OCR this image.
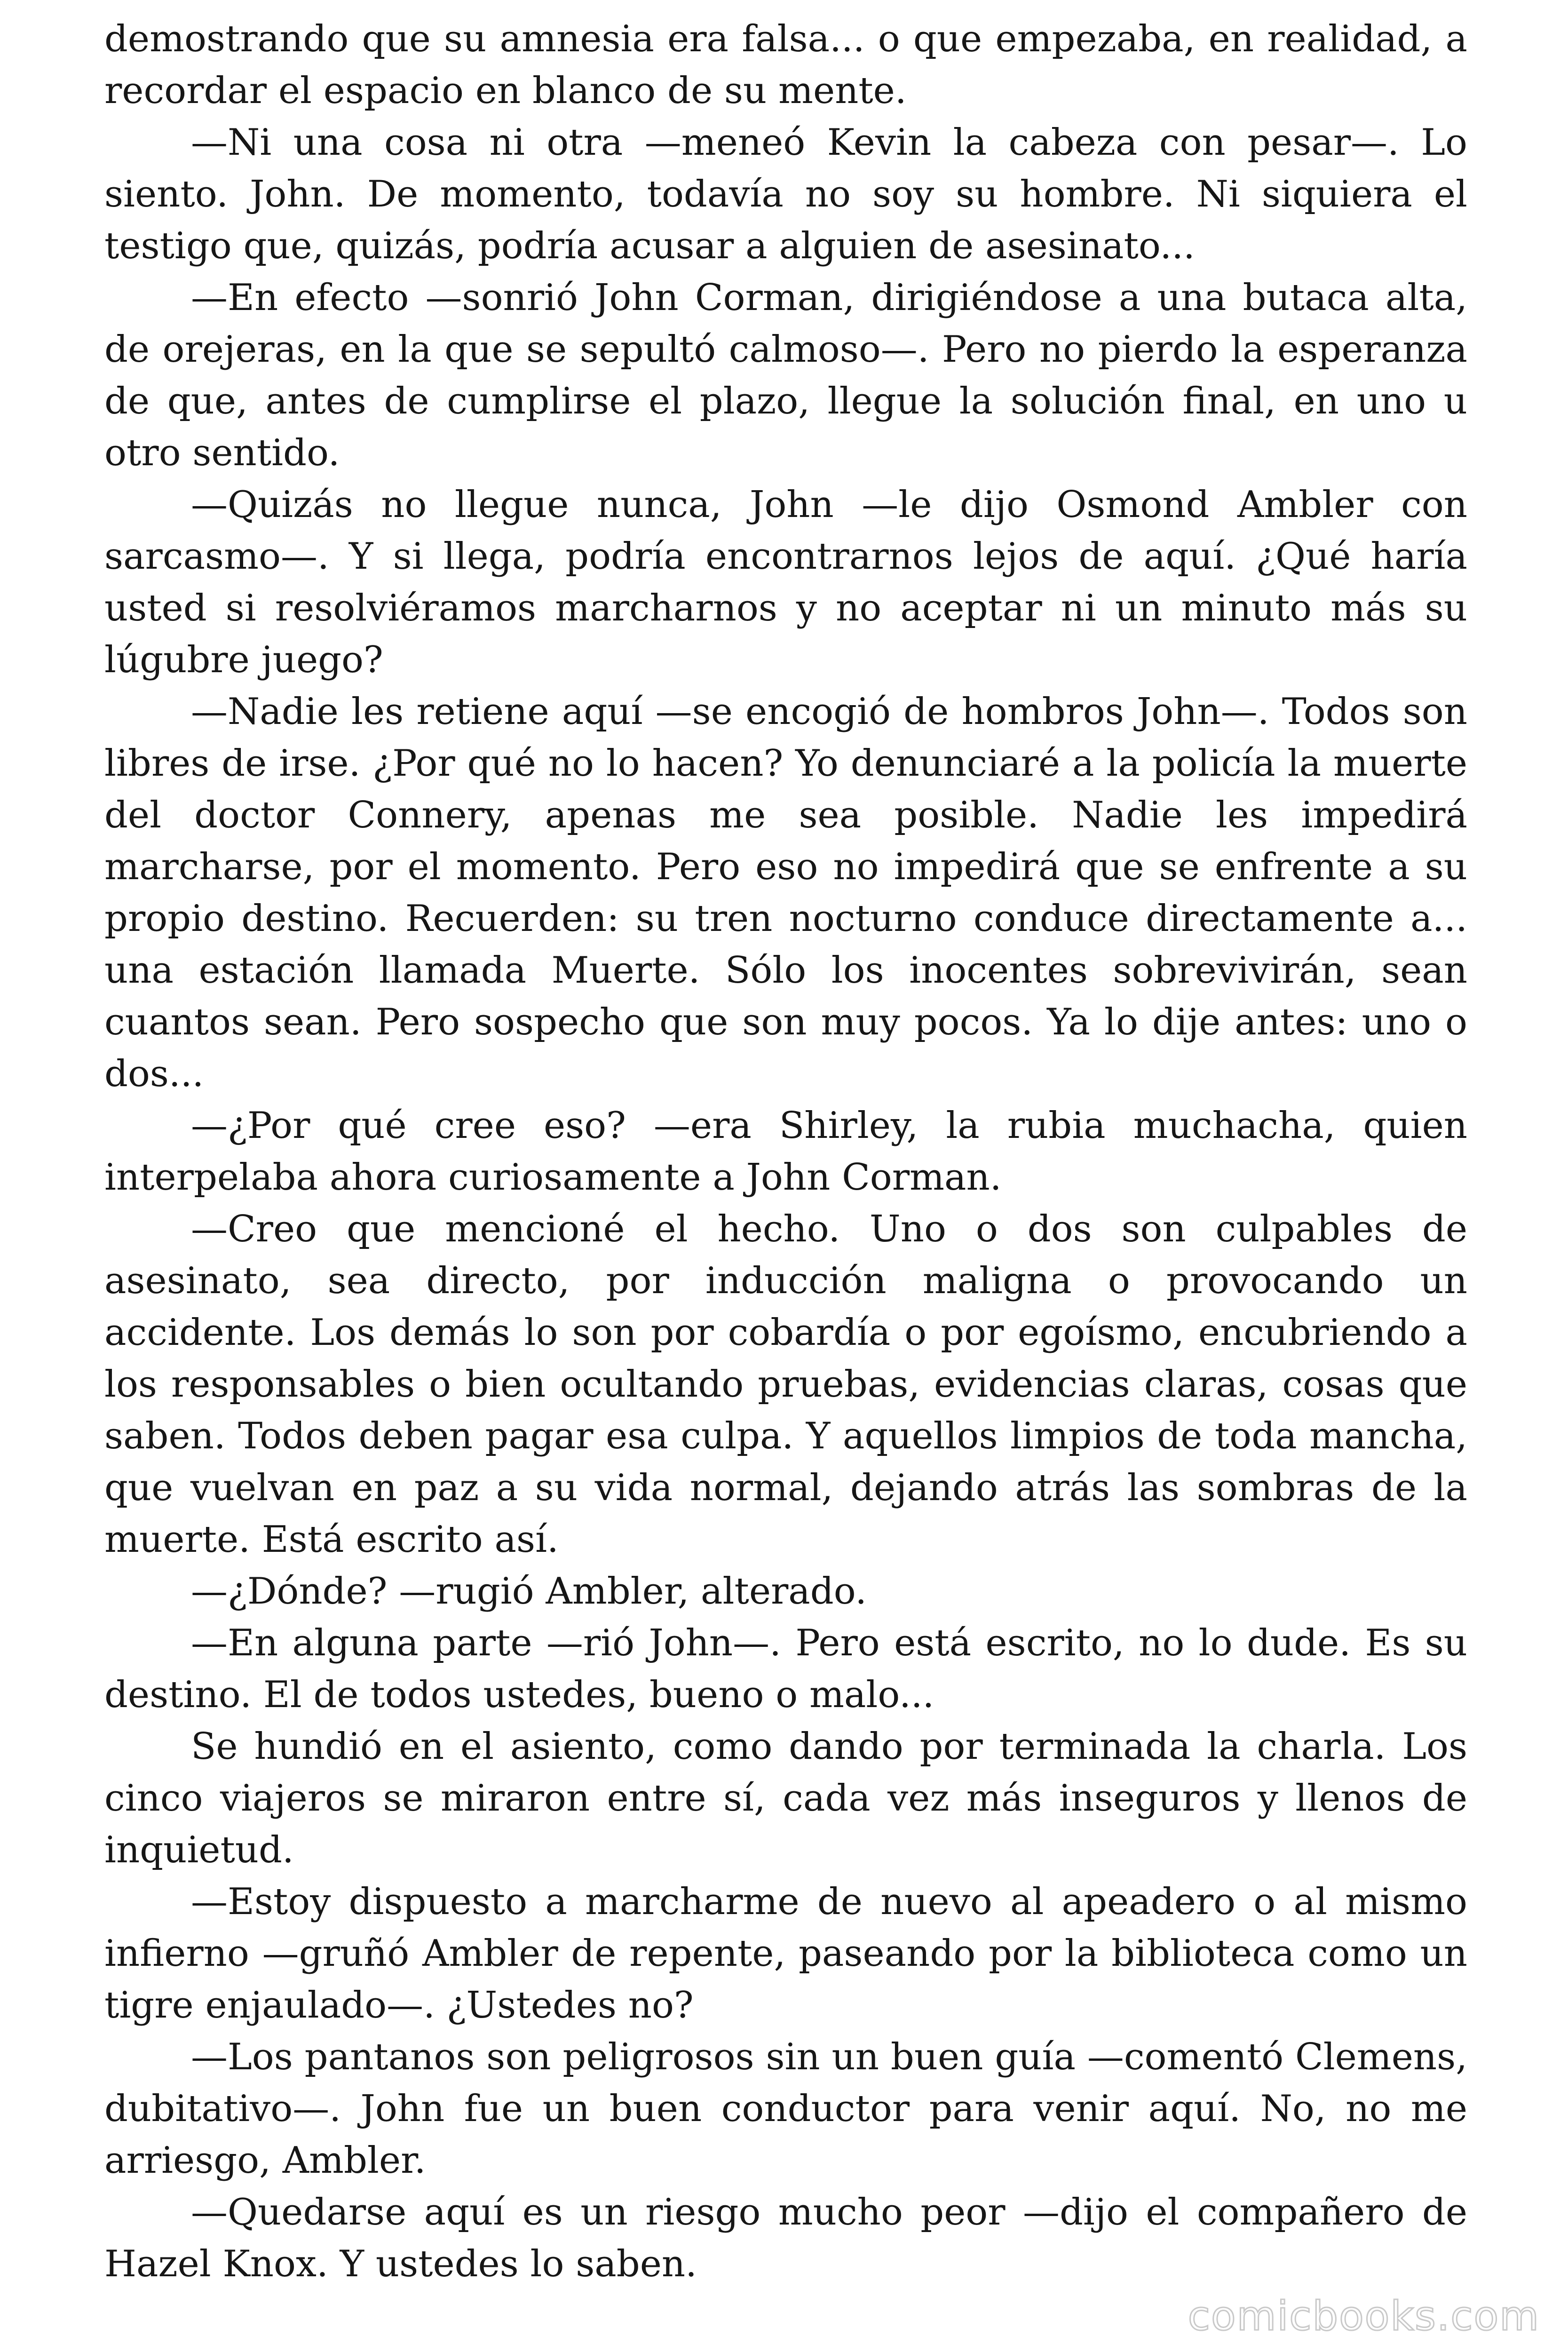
demostrando que su amnesia era falsa... o que empezaba, en realidad, a recordar el espacio en blanco de su mente.

—Ni una cosa ni otra —meneó Kevin la cabeza con pesar—. Lo siento. John. De momento, todavía no soy su hombre. Ni siquiera el testigo que, quizás, podría acusar a alguien de asesinato...

—En efecto —sonrió John Corman, dirigiéndose a una butaca alta, de orejeras, en la que se sepultó calmoso—. Pero no pierdo la esperanza de que, antes de cumplirse el plazo, llegue la solución final, en uno u otro sentido.

—Quizás no llegue nunca, John —le dijo Osmond Ambler con sarcasmo—. Y si llega, podría encontrarnos lejos de aquí. ¿Qué haría usted si resolviéramos marcharnos y no aceptar ni un minuto más su lúgubre juego?

—Nadie les retiene aquí —se encogió de hombros John—. Todos son libres de irse. ¿Por qué no lo hacen? Yo denunciaré a la policía la muerte del doctor Connery, apenas me sea posible. Nadie les impedirá marcharse, por el momento. Pero eso no impedirá que se enfrente a su propio destino. Recuerden: su tren nocturno conduce directamente a... una estación llamada Muerte. Sólo los inocentes sobrevivirán, sean cuantos sean. Pero sospecho que son muy pocos. Ya lo dije antes: uno o dos...

—¿Por qué cree eso? —era Shirley, la rubia muchacha, quien interpelaba ahora curiosamente a John Corman.

—Creo que mencioné el hecho. Uno o dos son culpables de asesinato, sea directo, por inducción maligna o provocando un accidente. Los demás lo son por cobardía o por egoísmo, encubriendo a los responsables o bien ocultando pruebas, evidencias claras, cosas que saben. Todos deben pagar esa culpa. Y aquellos limpios de toda mancha, que vuelvan en paz a su vida normal, dejando atrás las sombras de la muerte. Está escrito así.

—¿Dónde? —rugió Ambler, alterado.

—En alguna parte —rió John—. Pero está escrito, no lo dude. Es su destino. El de todos ustedes, bueno o malo...

Se hundió en el asiento, como dando por terminada la charla. Los cinco viajeros se miraron entre sí, cada vez más inseguros y llenos de inquietud.

—Estoy dispuesto a marcharme de nuevo al apeadero o al mismo infierno —gruñó Ambler de repente, paseando por la biblioteca como un tigre enjaulado—. ¿Ustedes no?

—Los pantanos son peligrosos sin un buen guía —comentó Clemens, dubitativo—. John fue un buen conductor para venir aquí. No, no me arriesgo, Ambler.

—Quedarse aquí es un riesgo mucho peor —dijo el compañero de Hazel Knox. Y ustedes lo saben.

comicbooks.com
